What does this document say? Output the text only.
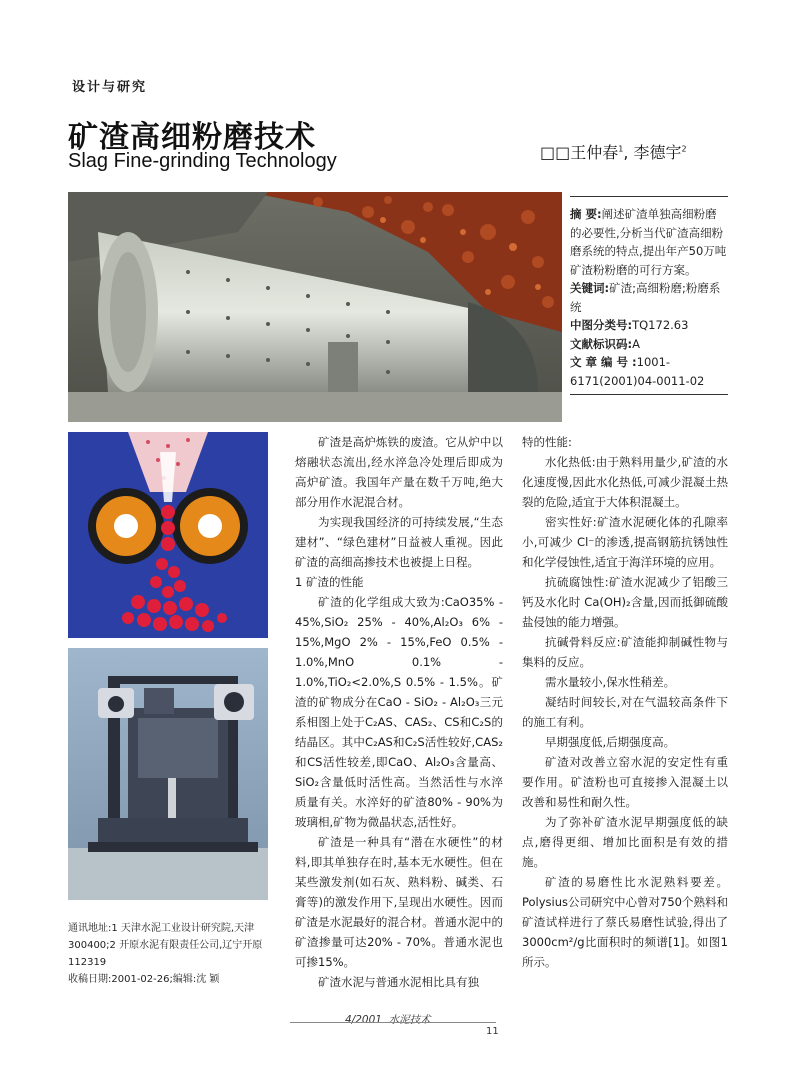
设计与研究
矿渣高细粉磨技术
Slag Fine-grinding Technology	□□王仲春$^1$, 李德宇$^2$
摘 要:阐述矿渣单独高细粉磨的必要性,分析当代矿渣高细粉磨系统的特点,提出年产50万吨矿渣粉粉磨的可行方案。
关键词:矿渣;高细粉磨;粉磨系统
中图分类号:TQ172.63
文献标识码:A
文 章 编 号 :1001-6171(2001)04-0011-02

矿渣是高炉炼铁的废渣。它从炉中以熔融状态流出,经水淬急冷处理后即成为高炉矿渣。我国年产量在数千万吨,绝大部分用作水泥混合材。

为实现我国经济的可持续发展,“生态建材”、“绿色建材”日益被人重视。因此矿渣的高细高掺技术也被提上日程。

1 矿渣的性能

矿渣的化学组成大致为:CaO35% - 45%,SiO₂ 25% - 40%,Al₂O₃ 6% - 15%,MgO 2% - 15%,FeO 0.5% - 1.0%,MnO 0.1% - 1.0%,TiO₂<2.0%,S 0.5% - 1.5%。矿渣的矿物成分在CaO - SiO₂ - Al₂O₃三元系相图上处于C₂AS、CAS₂、CS和C₂S的结晶区。其中C₂AS和C₂S活性较好,CAS₂和CS活性较差,即CaO、Al₂O₃含量高、SiO₂含量低时活性高。当然活性与水淬质量有关。水淬好的矿渣80% - 90%为玻璃相,矿物为微晶状态,活性好。

矿渣是一种具有“潜在水硬性”的材料,即其单独存在时,基本无水硬性。但在某些激发剂(如石灰、熟料粉、碱类、石膏等)的激发作用下,呈现出水硬性。因而矿渣是水泥最好的混合材。普通水泥中的矿渣掺量可达20% - 70%。普通水泥也可掺15%。

矿渣水泥与普通水泥相比具有独

特的性能:

水化热低:由于熟料用量少,矿渣的水化速度慢,因此水化热低,可减少混凝土热裂的危险,适宜于大体积混凝土。

密实性好:矿渣水泥硬化体的孔隙率小,可减少 Cl⁻的渗透,提高钢筋抗锈蚀性和化学侵蚀性,适宜于海洋环境的应用。

抗硫腐蚀性:矿渣水泥减少了铝酸三钙及水化时 Ca(OH)₂含量,因而抵御硫酸盐侵蚀的能力增强。

抗碱骨料反应:矿渣能抑制碱性物与集料的反应。

需水量较小,保水性稍差。

凝结时间较长,对在气温较高条件下的施工有利。

早期强度低,后期强度高。

矿渣对改善立窑水泥的安定性有重要作用。矿渣粉也可直接掺入混凝土以改善和易性和耐久性。

为了弥补矿渣水泥早期强度低的缺点,磨得更细、增加比面积是有效的措施。

矿渣的易磨性比水泥熟料要差。Polysius公司研究中心曾对750个熟料和矿渣试样进行了蔡氏易磨性试验,得出了3000cm²/g比面积时的频谱[1]。如图1所示。

通讯地址:1 天津水泥工业设计研究院,天津 300400;2 开原水泥有限责任公司,辽宁开原 112319
收稿日期:2001-02-26;编辑:沈 颖
4/2001 水泥技术
11
